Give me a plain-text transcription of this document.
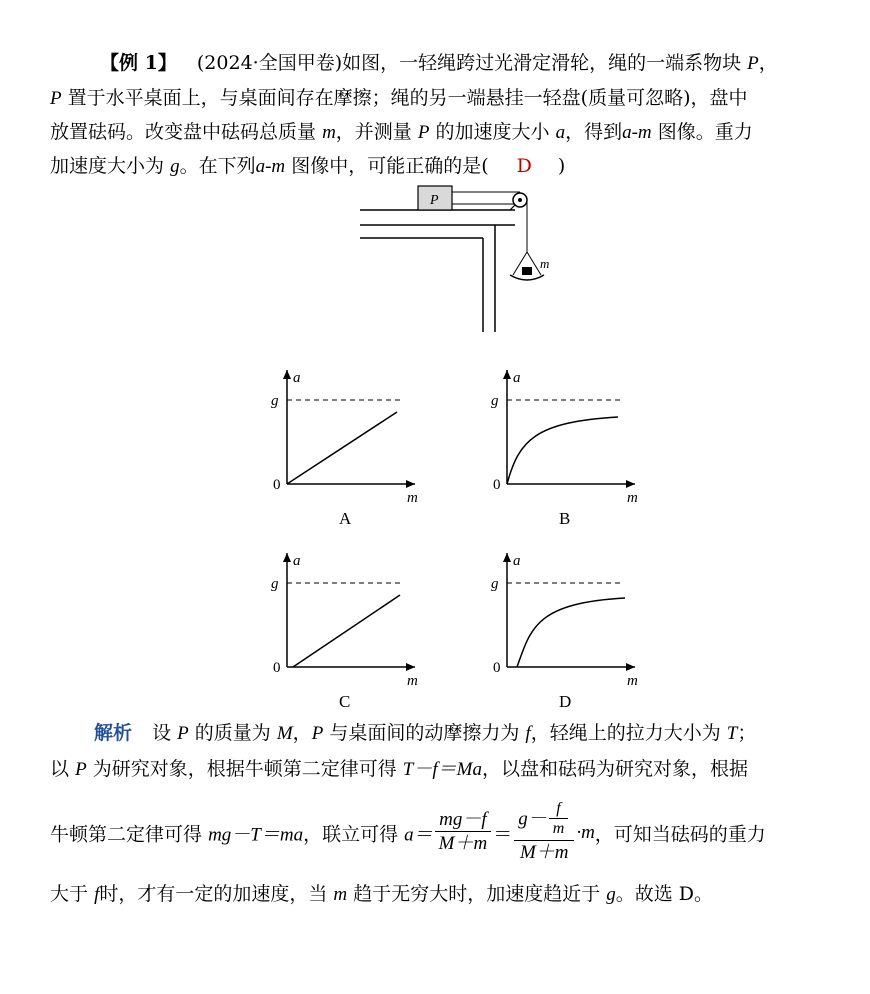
【例 1】 (2024·全国甲卷)如图，一轻绳跨过光滑定滑轮，绳的一端系物块 P，
P 置于水平桌面上，与桌面间存在摩擦；绳的另一端悬挂一轻盘(质量可忽略)，盘中
放置砝码。改变盘中砝码总质量 m，并测量 P 的加速度大小 a，得到a-m 图像。重力
加速度大小为 g。在下列a-m 图像中，可能正确的是( D )
P
m
a
m
g
0
A
a
m
g
0
B
a
m
g
0
C
a
m
g
0
D
解析 设 P 的质量为 M，P 与桌面间的动摩擦力为 f，轻绳上的拉力大小为 T；
以 P 为研究对象，根据牛顿第二定律可得 T－f＝Ma，以盘和砝码为研究对象，根据
牛顿第二定律可得 mg－T＝ma，联立可得 $a= \frac{mg-f}{M+m} = \frac{g- \frac{f}{m}}{M+m} \cdot m$，可知当砝码的重力
大于 f时，才有一定的加速度，当 m 趋于无穷大时，加速度趋近于 g。故选 D。
